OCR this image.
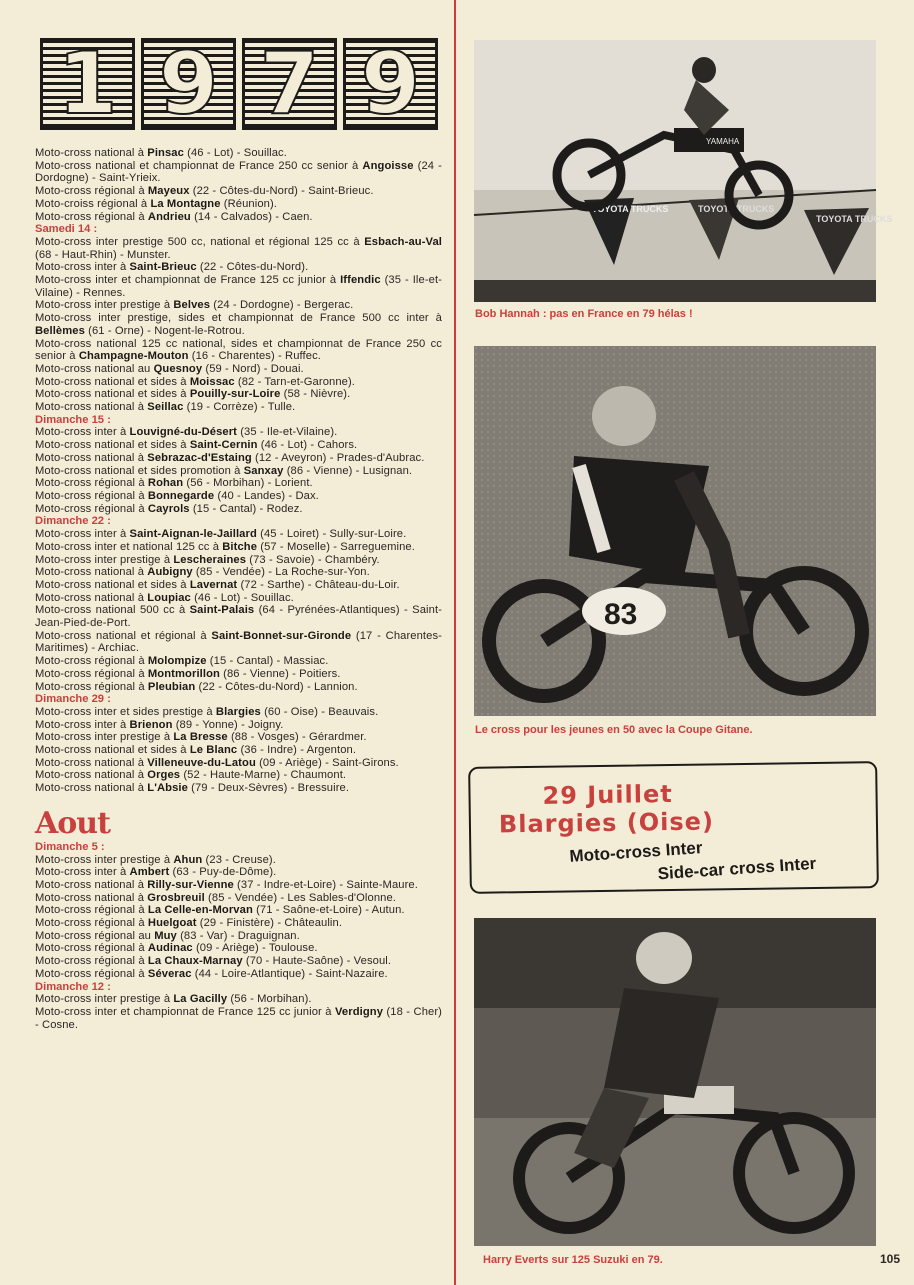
1 9 7 9

Moto-cross national à Pinsac (46 - Lot) - Souillac.

Moto-cross national et championnat de France 250 cc senior à Angoisse (24 - Dordogne) - Saint-Yrieix.

Moto-cross régional à Mayeux (22 - Côtes-du-Nord) - Saint-Brieuc.

Moto-croiss régional à La Montagne (Réunion).

Moto-cross régional à Andrieu (14 - Calvados) - Caen.

Samedi 14 :

Moto-cross inter prestige 500 cc, national et régional 125 cc à Esbach-au-Val (68 - Haut-Rhin) - Munster.

Moto-cross inter à Saint-Brieuc (22 - Côtes-du-Nord).

Moto-cross inter et championnat de France 125 cc junior à Iffendic (35 - Ile-et-Vilaine) - Rennes.

Moto-cross inter prestige à Belves (24 - Dordogne) - Bergerac.

Moto-cross inter prestige, sides et championnat de France 500 cc inter à Bellèmes (61 - Orne) - Nogent-le-Rotrou.

Moto-cross national 125 cc national, sides et championnat de France 250 cc senior à Champagne-Mouton (16 - Charentes) - Ruffec.

Moto-cross national au Quesnoy (59 - Nord) - Douai.

Moto-cross national et sides à Moissac (82 - Tarn-et-Garonne).

Moto-cross national et sides à Pouilly-sur-Loire (58 - Nièvre).

Moto-cross national à Seillac (19 - Corrèze) - Tulle.

Dimanche 15 :

Moto-cross inter à Louvigné-du-Désert (35 - Ile-et-Vilaine).

Moto-cross national et sides à Saint-Cernin (46 - Lot) - Cahors.

Moto-cross national à Sebrazac-d'Estaing (12 - Aveyron) - Prades-d'Aubrac.

Moto-cross national et sides promotion à Sanxay (86 - Vienne) - Lusignan.

Moto-cross régional à Rohan (56 - Morbihan) - Lorient.

Moto-cross régional à Bonnegarde (40 - Landes) - Dax.

Moto-cross régional à Cayrols (15 - Cantal) - Rodez.

Dimanche 22 :

Moto-cross inter à Saint-Aignan-le-Jaillard (45 - Loiret) - Sully-sur-Loire.

Moto-cross inter et national 125 cc à Bitche (57 - Moselle) - Sarreguemine.

Moto-cross inter prestige à Lescheraines (73 - Savoie) - Chambéry.

Moto-cross national à Aubigny (85 - Vendée) - La Roche-sur-Yon.

Moto-cross national et sides à Lavernat (72 - Sarthe) - Château-du-Loir.

Moto-cross national à Loupiac (46 - Lot) - Souillac.

Moto-cross national 500 cc à Saint-Palais (64 - Pyrénées-Atlantiques) - Saint-Jean-Pied-de-Port.

Moto-cross national et régional à Saint-Bonnet-sur-Gironde (17 - Charentes-Maritimes) - Archiac.

Moto-cross régional à Molompize (15 - Cantal) - Massiac.

Moto-cross régional à Montmorillon (86 - Vienne) - Poitiers.

Moto-cross régional à Pleubian (22 - Côtes-du-Nord) - Lannion.

Dimanche 29 :

Moto-cross inter et sides prestige à Blargies (60 - Oise) - Beauvais.

Moto-cross inter à Brienon (89 - Yonne) - Joigny.

Moto-cross inter prestige à La Bresse (88 - Vosges) - Gérardmer.

Moto-cross national et sides à Le Blanc (36 - Indre) - Argenton.

Moto-cross national à Villeneuve-du-Latou (09 - Ariège) - Saint-Girons.

Moto-cross national à Orges (52 - Haute-Marne) - Chaumont.

Moto-cross national à L'Absie (79 - Deux-Sèvres) - Bressuire.

Aout

Dimanche 5 :

Moto-cross inter prestige à Ahun (23 - Creuse).

Moto-cross inter à Ambert (63 - Puy-de-Dôme).

Moto-cross national à Rilly-sur-Vienne (37 - Indre-et-Loire) - Sainte-Maure.

Moto-cross national à Grosbreuil (85 - Vendée) - Les Sables-d'Olonne.

Moto-cross régional à La Celle-en-Morvan (71 - Saône-et-Loire) - Autun.

Moto-cross régional à Huelgoat (29 - Finistère) - Châteaulin.

Moto-cross régional au Muy (83 - Var) - Draguignan.

Moto-cross régional à Audinac (09 - Ariège) - Toulouse.

Moto-cross régional à La Chaux-Marnay (70 - Haute-Saône) - Vesoul.

Moto-cross régional à Séverac (44 - Loire-Atlantique) - Saint-Nazaire.

Dimanche 12 :

Moto-cross inter prestige à La Gacilly (56 - Morbihan).

Moto-cross inter et championnat de France 125 cc junior à Verdigny (18 - Cher) - Cosne.

TOYOTA TRUCKS	TOYOTA TRUCKS
TOYOTA TRUCKS
YAMAHA
Bob Hannah : pas en France en 79 hélas !
83
Le cross pour les jeunes en 50 avec la Coupe Gitane.
29 Juillet
Blargies (Oise)
Moto-cross Inter
Side-car cross Inter
Harry Everts sur 125 Suzuki en 79.	105
